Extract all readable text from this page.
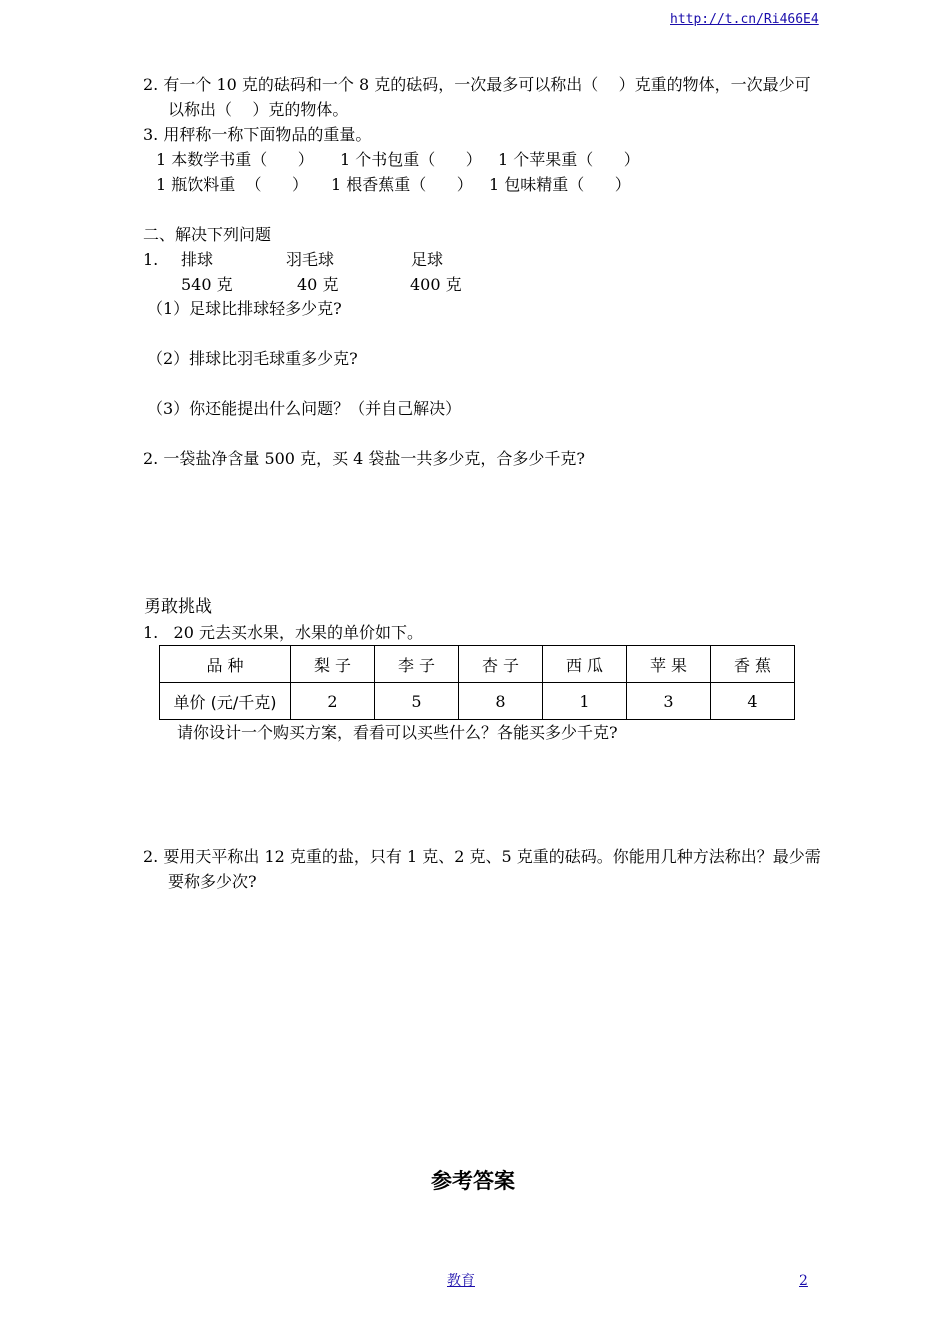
http://t.cn/Ri466E4
2. 有一个 10 克的砝码和一个 8 克的砝码，一次最多可以称出（    ）克重的物体，一次最少可
以称出（    ）克的物体。
3. 用秤称一称下面物品的重量。
1 本数学书重（      ） 1 个书包重（      ） 1 个苹果重（      ）
1 瓶饮料重  （      ） 1 根香蕉重（      ） 1 包味精重（      ）
二、解决下列问题
1. 排球	羽毛球	足球
540 克	40 克	400 克
（1）足球比排球轻多少克?
（2）排球比羽毛球重多少克?
（3）你还能提出什么问题？（并自己解决）
2. 一袋盐净含量 500 克，买 4 袋盐一共多少克，合多少千克?
勇敢挑战
1.   20 元去买水果，水果的单价如下。
品 种	梨 子	李 子	杏 子	西 瓜	苹 果	香 蕉
单价 (元/千克)	2	5	8	1	3	4
请你设计一个购买方案，看看可以买些什么？各能买多少千克?
2. 要用天平称出 12 克重的盐，只有 1 克、2 克、5 克重的砝码。你能用几种方法称出？最少需
要称多少次?
参考答案
教育	2
